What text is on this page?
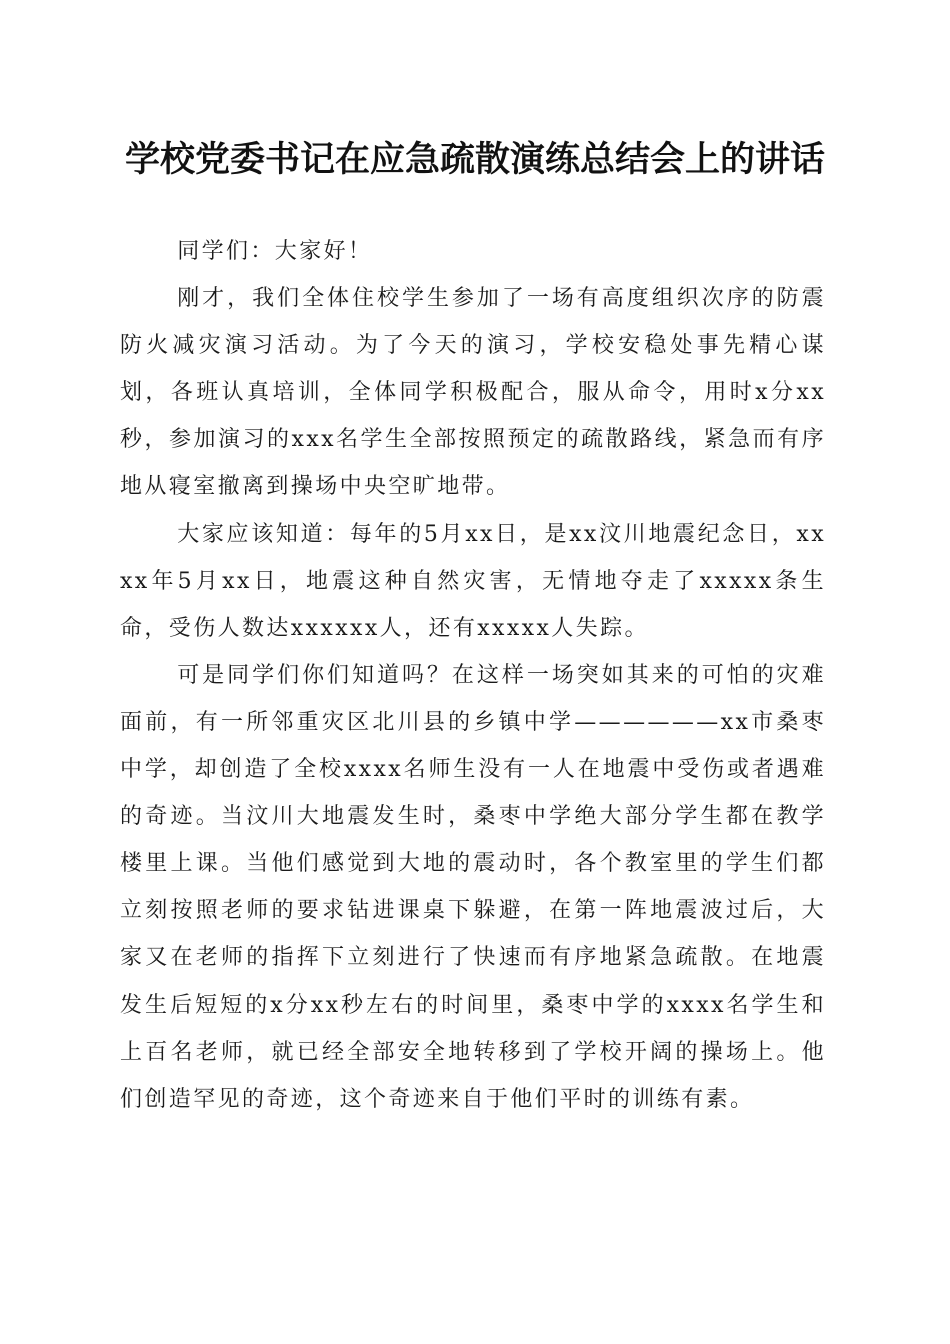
学校党委书记在应急疏散演练总结会上的讲话

同学们：大家好！

刚才，我们全体住校学生参加了一场有高度组织次序的防震防火减灾演习活动。为了今天的演习，学校安稳处事先精心谋划，各班认真培训，全体同学积极配合，服从命令，用时x分xx秒，参加演习的xxx名学生全部按照预定的疏散路线，紧急而有序地从寝室撤离到操场中央空旷地带。

大家应该知道：每年的5月xx日，是xx汶川地震纪念日，xxxx年5月xx日，地震这种自然灾害，无情地夺走了xxxxx条生命，受伤人数达xxxxxx人，还有xxxxx人失踪。

可是同学们你们知道吗？在这样一场突如其来的可怕的灾难面前，有一所邻重灾区北川县的乡镇中学——————xx市桑枣中学，却创造了全校xxxx名师生没有一人在地震中受伤或者遇难的奇迹。当汶川大地震发生时，桑枣中学绝大部分学生都在教学楼里上课。当他们感觉到大地的震动时，各个教室里的学生们都立刻按照老师的要求钻进课桌下躲避，在第一阵地震波过后，大家又在老师的指挥下立刻进行了快速而有序地紧急疏散。在地震发生后短短的x分xx秒左右的时间里，桑枣中学的xxxx名学生和上百名老师，就已经全部安全地转移到了学校开阔的操场上。他们创造罕见的奇迹，这个奇迹来自于他们平时的训练有素。
